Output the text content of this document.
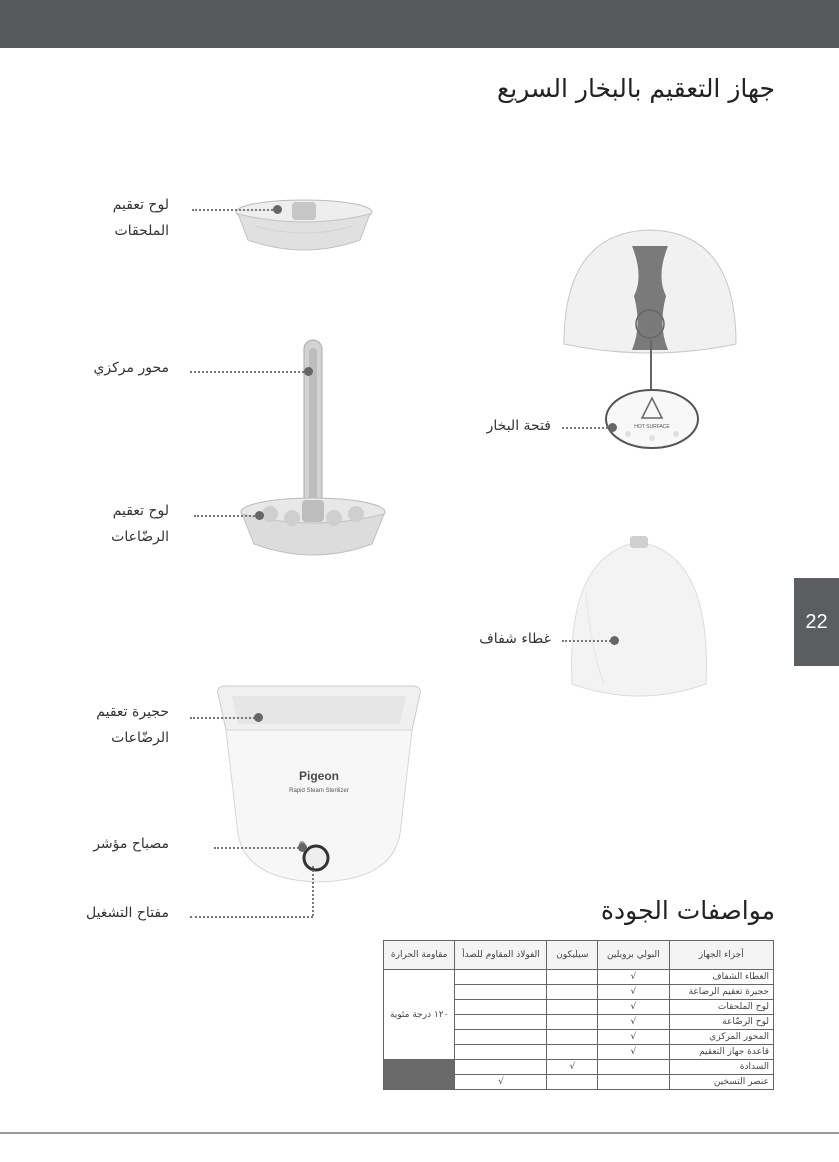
جهاز التعقيم بالبخار السريع
22
لوح تعقيم
الملحقات
محور مركزي
لوح تعقيم
الرضّاعات
Pigeon
Rapid Steam Sterilizer
حجيرة تعقيم
الرضّاعات
مصباح مؤشر
مفتاح التشغيل
HOT SURFACE
فتحة البخار
غطاء شفاف
مواصفات الجودة
أجزاء الجهاز	البولي بروبلين	سيليكون	الفولاذ المقاوم للصدأ	مقاومة الحرارة
الغطاء الشفاف	√			١٢٠ درجة مئوية
حجيرة تعقيم الرضاعة	√			
لوح الملحقات	√			
لوح الرضّاعة	√			
المحور المركزي	√			
قاعدة جهاز التعقيم	√			
السدادة		√		
عنصر التسخين			√	
